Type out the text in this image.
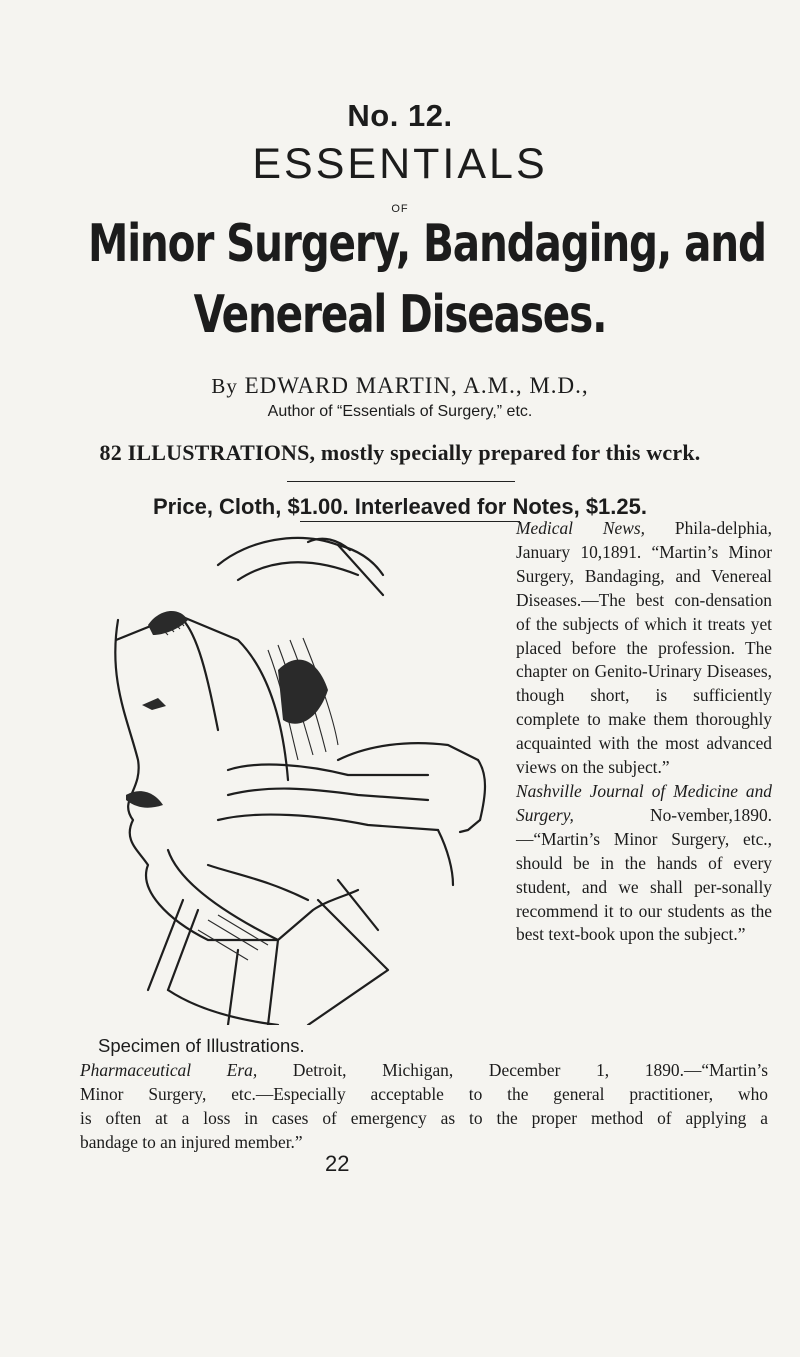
No. 12.
ESSENTIALS
OF
Minor Surgery, Bandaging, and
Venereal Diseases.
By EDWARD MARTIN, A.M., M.D.,
Author of “Essentials of Surgery,” etc.
82 ILLUSTRATIONS, mostly specially prepared for this wcrk.
Price, Cloth, $1.00. Interleaved for Notes, $1.25.
Medical News, Phila-delphia, January 10,1891. “Martin’s Minor Surgery, Bandaging, and Venereal Diseases.—The best con-densation of the subjects of which it treats yet placed before the profession. The chapter on Genito-Urinary Diseases, though short, is sufficiently complete to make them thoroughly acquainted with the most advanced views on the subject.”
Nashville Journal of Medicine and Surgery, No-vember,1890.—“Martin’s Minor Surgery, etc., should be in the hands of every student, and we shall per-sonally recommend it to our students as the best text-book upon the subject.”
Specimen of Illustrations.
Pharmaceutical Era, Detroit, Michigan, December 1, 1890.—“Martin’s
Minor Surgery, etc.—Especially acceptable to the general practitioner, who
is often at a loss in cases of emergency as to the proper method of applying a
bandage to an injured member.”
22
